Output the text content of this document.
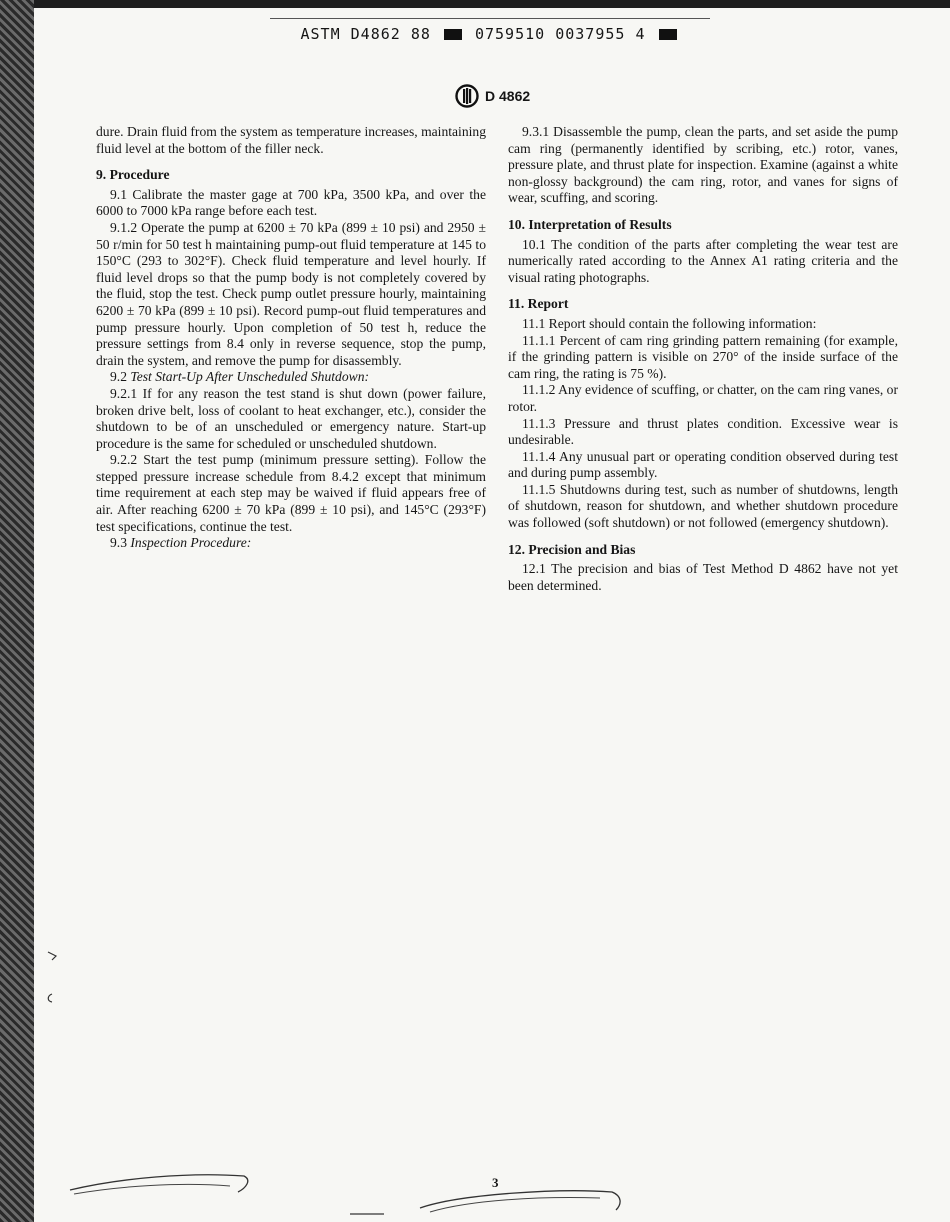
ASTM D4862 88	0759510 0037955 4
D 4862

dure. Drain fluid from the system as temperature increases, maintaining fluid level at the bottom of the filler neck.

9. Procedure

9.1 Calibrate the master gage at 700 kPa, 3500 kPa, and over the 6000 to 7000 kPa range before each test.

9.1.2 Operate the pump at 6200 ± 70 kPa (899 ± 10 psi) and 2950 ± 50 r/min for 50 test h maintaining pump-out fluid temperature at 145 to 150°C (293 to 302°F). Check fluid temperature and level hourly. If fluid level drops so that the pump body is not completely covered by the fluid, stop the test. Check pump outlet pressure hourly, maintaining 6200 ± 70 kPa (899 ± 10 psi). Record pump-out fluid temperatures and pump pressure hourly. Upon completion of 50 test h, reduce the pressure settings from 8.4 only in reverse sequence, stop the pump, drain the system, and remove the pump for disassembly.

9.2 Test Start-Up After Unscheduled Shutdown:

9.2.1 If for any reason the test stand is shut down (power failure, broken drive belt, loss of coolant to heat exchanger, etc.), consider the shutdown to be of an unscheduled or emergency nature. Start-up procedure is the same for scheduled or unscheduled shutdown.

9.2.2 Start the test pump (minimum pressure setting). Follow the stepped pressure increase schedule from 8.4.2 except that minimum time requirement at each step may be waived if fluid appears free of air. After reaching 6200 ± 70 kPa (899 ± 10 psi), and 145°C (293°F) test specifications, continue the test.

9.3 Inspection Procedure:

9.3.1 Disassemble the pump, clean the parts, and set aside the pump cam ring (permanently identified by scribing, etc.) rotor, vanes, pressure plate, and thrust plate for inspection. Examine (against a white non-glossy background) the cam ring, rotor, and vanes for signs of wear, scuffing, and scoring.

10. Interpretation of Results

10.1 The condition of the parts after completing the wear test are numerically rated according to the Annex A1 rating criteria and the visual rating photographs.

11. Report

11.1 Report should contain the following information:

11.1.1 Percent of cam ring grinding pattern remaining (for example, if the grinding pattern is visible on 270° of the inside surface of the cam ring, the rating is 75 %).

11.1.2 Any evidence of scuffing, or chatter, on the cam ring vanes, or rotor.

11.1.3 Pressure and thrust plates condition. Excessive wear is undesirable.

11.1.4 Any unusual part or operating condition observed during test and during pump assembly.

11.1.5 Shutdowns during test, such as number of shutdowns, length of shutdown, reason for shutdown, and whether shutdown procedure was followed (soft shutdown) or not followed (emergency shutdown).

12. Precision and Bias

12.1 The precision and bias of Test Method D 4862 have not yet been determined.

3
